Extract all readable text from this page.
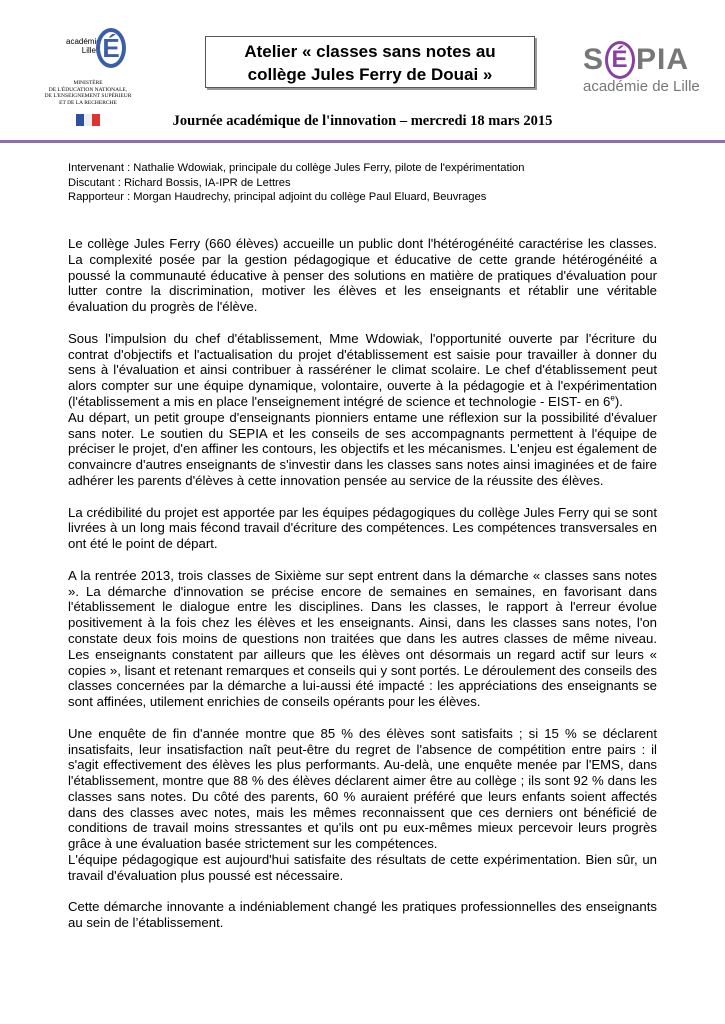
académie
Lille É
MINISTÈRE
DE L'ÉDUCATION NATIONALE,
DE L'ENSEIGNEMENT SUPÉRIEUR
ET DE LA RECHERCHE
Atelier « classes sans notes au
collège Jules Ferry de Douai »	S É PIA
académie de Lille
Journée académique de l'innovation – mercredi 18 mars 2015
Intervenant : Nathalie Wdowiak, principale du collège Jules Ferry, pilote de l'expérimentation
Discutant : Richard Bossis, IA-IPR de Lettres
Rapporteur : Morgan Haudrechy, principal adjoint du collège Paul Eluard, Beuvrages

Le collège Jules Ferry (660 élèves) accueille un public dont l'hétérogénéité caractérise les classes. La complexité posée par la gestion pédagogique et éducative de cette grande hétérogénéité a poussé la communauté éducative à penser des solutions en matière de pratiques d'évaluation pour lutter contre la discrimination, motiver les élèves et les enseignants et rétablir une véritable évaluation du progrès de l'élève.

Sous l'impulsion du chef d'établissement, Mme Wdowiak, l'opportunité ouverte par l'écriture du contrat d'objectifs et l'actualisation du projet d'établissement est saisie pour travailler à donner du sens à l'évaluation et ainsi contribuer à rasséréner le climat scolaire. Le chef d'établissement peut alors compter sur une équipe dynamique, volontaire, ouverte à la pédagogie et à l'expérimentation (l'établissement a mis en place l'enseignement intégré de science et technologie - EIST- en 6e).

Au départ, un petit groupe d'enseignants pionniers entame une réflexion sur la possibilité d'évaluer sans noter. Le soutien du SEPIA et les conseils de ses accompagnants permettent à l'équipe de préciser le projet, d'en affiner les contours, les objectifs et les mécanismes. L'enjeu est également de convaincre d'autres enseignants de s'investir dans les classes sans notes ainsi imaginées et de faire adhérer les parents d'élèves à cette innovation pensée au service de la réussite des élèves.

La crédibilité du projet est apportée par les équipes pédagogiques du collège Jules Ferry qui se sont livrées à un long mais fécond travail d'écriture des compétences. Les compétences transversales en ont été le point de départ.

A la rentrée 2013, trois classes de Sixième sur sept entrent dans la démarche « classes sans notes ». La démarche d'innovation se précise encore de semaines en semaines, en favorisant dans l'établissement le dialogue entre les disciplines. Dans les classes, le rapport à l'erreur évolue positivement à la fois chez les élèves et les enseignants. Ainsi, dans les classes sans notes, l'on constate deux fois moins de questions non traitées que dans les autres classes de même niveau. Les enseignants constatent par ailleurs que les élèves ont désormais un regard actif sur leurs « copies », lisant et retenant remarques et conseils qui y sont portés. Le déroulement des conseils des classes concernées par la démarche a lui-aussi été impacté : les appréciations des enseignants se sont affinées, utilement enrichies de conseils opérants pour les élèves.

Une enquête de fin d'année montre que 85 % des élèves sont satisfaits ; si 15 % se déclarent insatisfaits, leur insatisfaction naît peut-être du regret de l'absence de compétition entre pairs : il s'agit effectivement des élèves les plus performants. Au-delà, une enquête menée par l'EMS, dans l'établissement, montre que 88 % des élèves déclarent aimer être au collège ; ils sont 92 % dans les classes sans notes. Du côté des parents, 60 % auraient préféré que leurs enfants soient affectés dans des classes avec notes, mais les mêmes reconnaissent que ces derniers ont bénéficié de conditions de travail moins stressantes et qu'ils ont pu eux-mêmes mieux percevoir leurs progrès grâce à une évaluation basée strictement sur les compétences.

L'équipe pédagogique est aujourd'hui satisfaite des résultats de cette expérimentation. Bien sûr, un travail d'évaluation plus poussé est nécessaire.

Cette démarche innovante a indéniablement changé les pratiques professionnelles des enseignants au sein de l’établissement.
